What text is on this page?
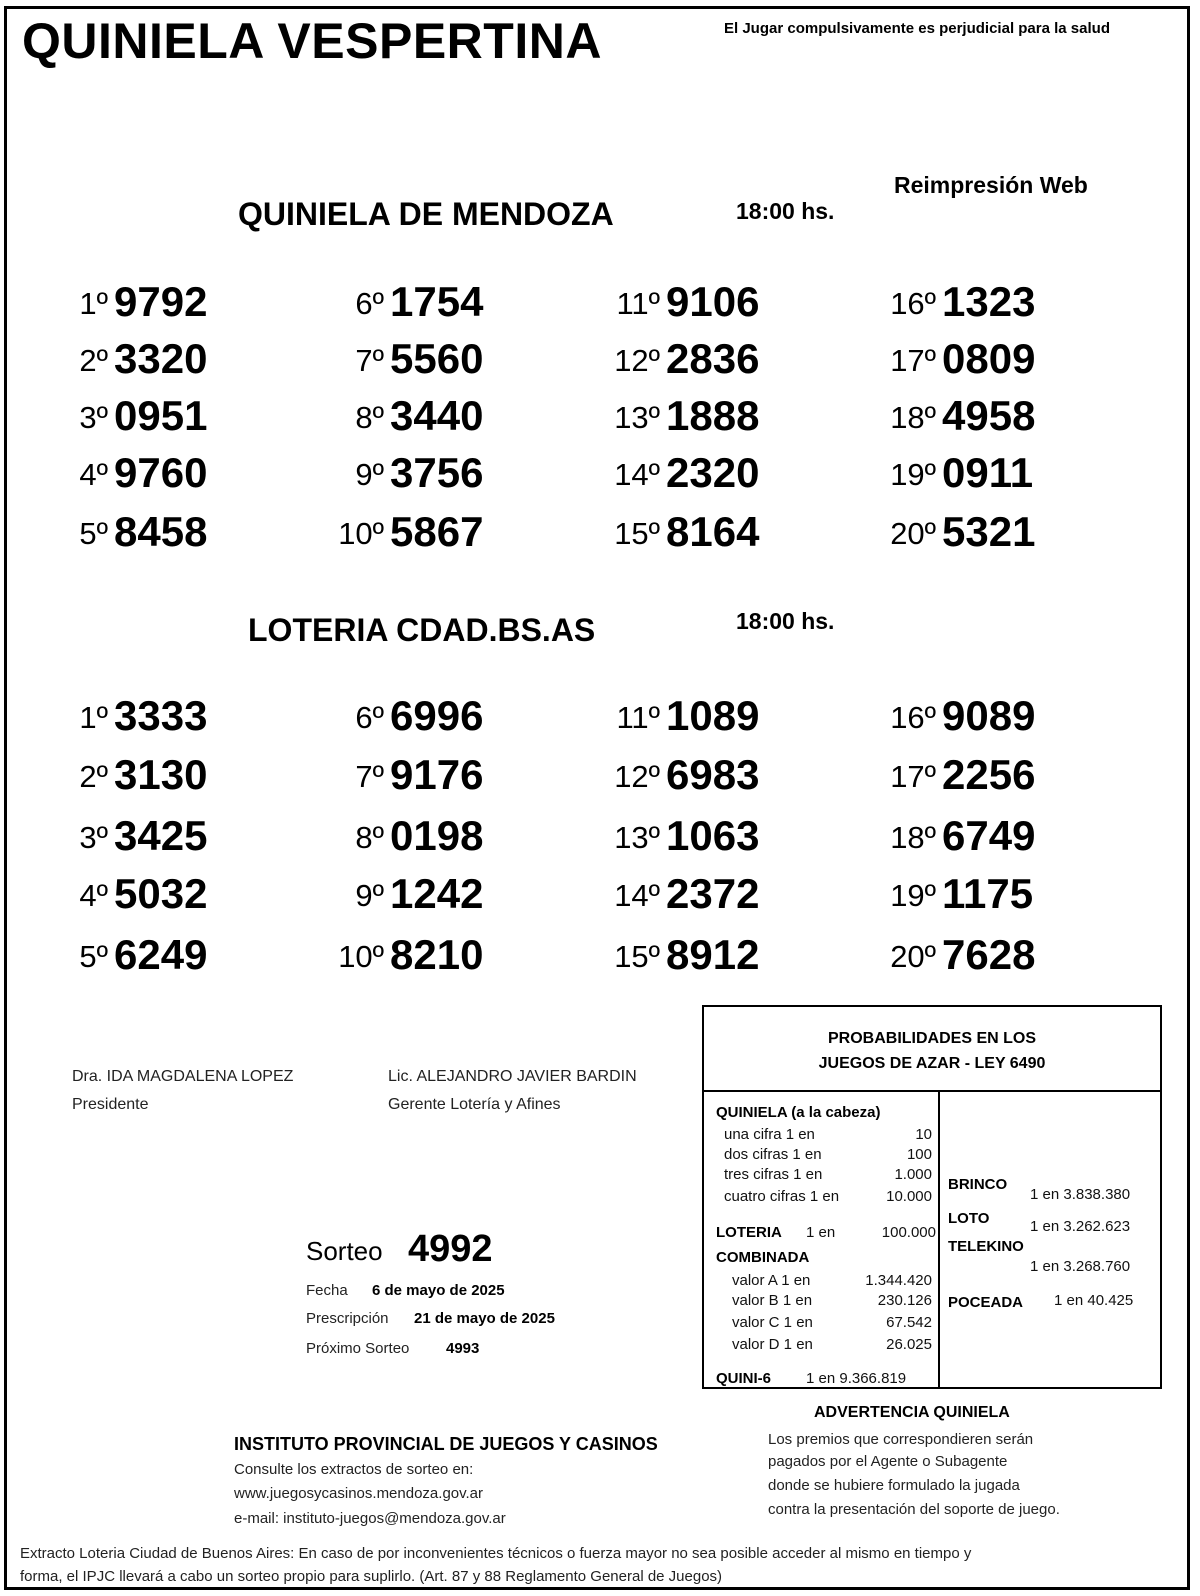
QUINIELA VESPERTINA	El Jugar compulsivamente es perjudicial para la salud
Reimpresión Web
QUINIELA DE MENDOZA	18:00 hs.
1º 9792
2º 3320
3º 0951
4º 9760
5º 8458
6º 1754
7º 5560
8º 3440
9º 3756
10º 5867
11º 9106
12º 2836
13º 1888
14º 2320
15º 8164
16º 1323
17º 0809
18º 4958
19º 0911
20º 5321
LOTERIA CDAD.BS.AS	18:00 hs.
1º 3333
2º 3130
3º 3425
4º 5032
5º 6249
6º 6996
7º 9176
8º 0198
9º 1242
10º 8210
11º 1089
12º 6983
13º 1063
14º 2372
15º 8912
16º 9089
17º 2256
18º 6749
19º 1175
20º 7628
Dra. IDA MAGDALENA LOPEZ
Presidente
Lic. ALEJANDRO JAVIER BARDIN
Gerente Lotería y Afines
Sorteo 4992
Fecha 6 de mayo de 2025
Prescripción 21 de mayo de 2025
Próximo Sorteo 4993
PROBABILIDADES EN LOS
JUEGOS DE AZAR - LEY 6490
QUINIELA (a la cabeza)
una cifra 1 en	10
dos cifras 1 en	100
tres cifras 1 en	1.000
cuatro cifras 1 en	10.000
LOTERIA 1 en	100.000
COMBINADA
valor A 1 en	1.344.420
valor B 1 en	230.126
valor C 1 en	67.542
valor D 1 en	26.025
QUINI-6 1 en 9.366.819
BRINCO
1 en 3.838.380
LOTO	1 en 3.262.623
TELEKINO
1 en 3.268.760
POCEADA 1 en 40.425
INSTITUTO PROVINCIAL DE JUEGOS Y CASINOS
Consulte los extractos de sorteo en:
www.juegosycasinos.mendoza.gov.ar
e-mail: instituto-juegos@mendoza.gov.ar
ADVERTENCIA QUINIELA
Los premios que correspondieren serán
pagados por el Agente o Subagente
donde se hubiere formulado la jugada
contra la presentación del soporte de juego.
Extracto Loteria Ciudad de Buenos Aires: En caso de por inconvenientes técnicos o fuerza mayor no sea posible acceder al mismo en tiempo y
forma, el IPJC llevará a cabo un sorteo propio para suplirlo. (Art. 87 y 88 Reglamento General de Juegos)
